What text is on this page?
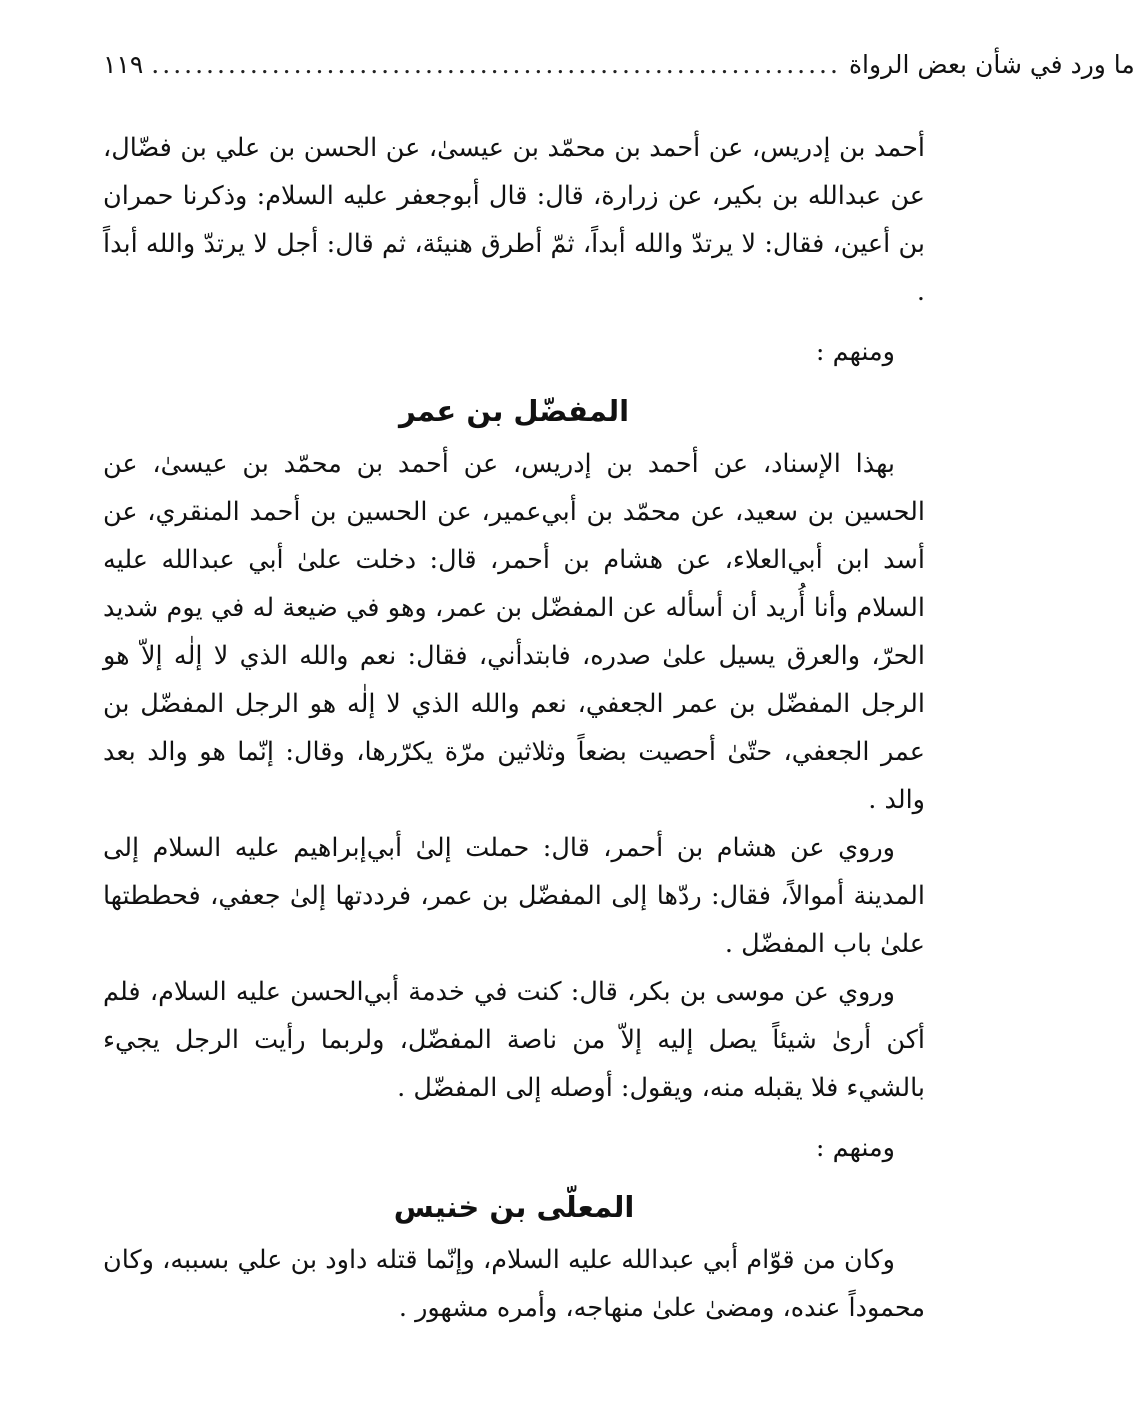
١١٩ ............................................................... ما ورد في شأن بعض الرواة

أحمد بن إدريس، عن أحمد بن محمّد بن عيسىٰ، عن الحسن بن علي بن فضّال، عن عبدالله بن بكير، عن زرارة، قال: قال أبوجعفر عليه السلام: وذكرنا حمران بن أعين، فقال: لا يرتدّ والله أبداً، ثمّ أطرق هنيئة، ثم قال: أجل لا يرتدّ والله أبداً .

ومنهم :

المفضّل بن عمر

بهذا الإسناد، عن أحمد بن إدريس، عن أحمد بن محمّد بن عيسىٰ، عن الحسين بن سعيد، عن محمّد بن أبي‌عمير، عن الحسين بن أحمد المنقري، عن أسد ابن أبي‌العلاء، عن هشام بن أحمر، قال: دخلت علىٰ أبي عبدالله عليه السلام وأنا أُريد أن أسأله عن المفضّل بن عمر، وهو في ضيعة له في يوم شديد الحرّ، والعرق يسيل علىٰ صدره، فابتدأني، فقال: نعم والله الذي لا إلٰه إلاّ هو الرجل المفضّل بن عمر الجعفي، نعم والله الذي لا إلٰه هو الرجل المفضّل بن عمر الجعفي، حتّىٰ أحصيت بضعاً وثلاثين مرّة يكرّرها، وقال: إنّما هو والد بعد والد .

وروي عن هشام بن أحمر، قال: حملت إلىٰ أبي‌إبراهيم عليه السلام إلى المدينة أموالاً، فقال: ردّها إلى المفضّل بن عمر، فرددتها إلىٰ جعفي، فحططتها علىٰ باب المفضّل .

وروي عن موسى بن بكر، قال: كنت في خدمة أبي‌الحسن عليه السلام، فلم أكن أرىٰ شيئاً يصل إليه إلاّ من ناصة المفضّل، ولربما رأيت الرجل يجيء بالشيء فلا يقبله منه، ويقول: أوصله إلى المفضّل .

ومنهم :

المعلّى بن خنيس

وكان من قوّام أبي عبدالله عليه السلام، وإنّما قتله داود بن علي بسببه، وكان محموداً عنده، ومضىٰ علىٰ منهاجه، وأمره مشهور .
